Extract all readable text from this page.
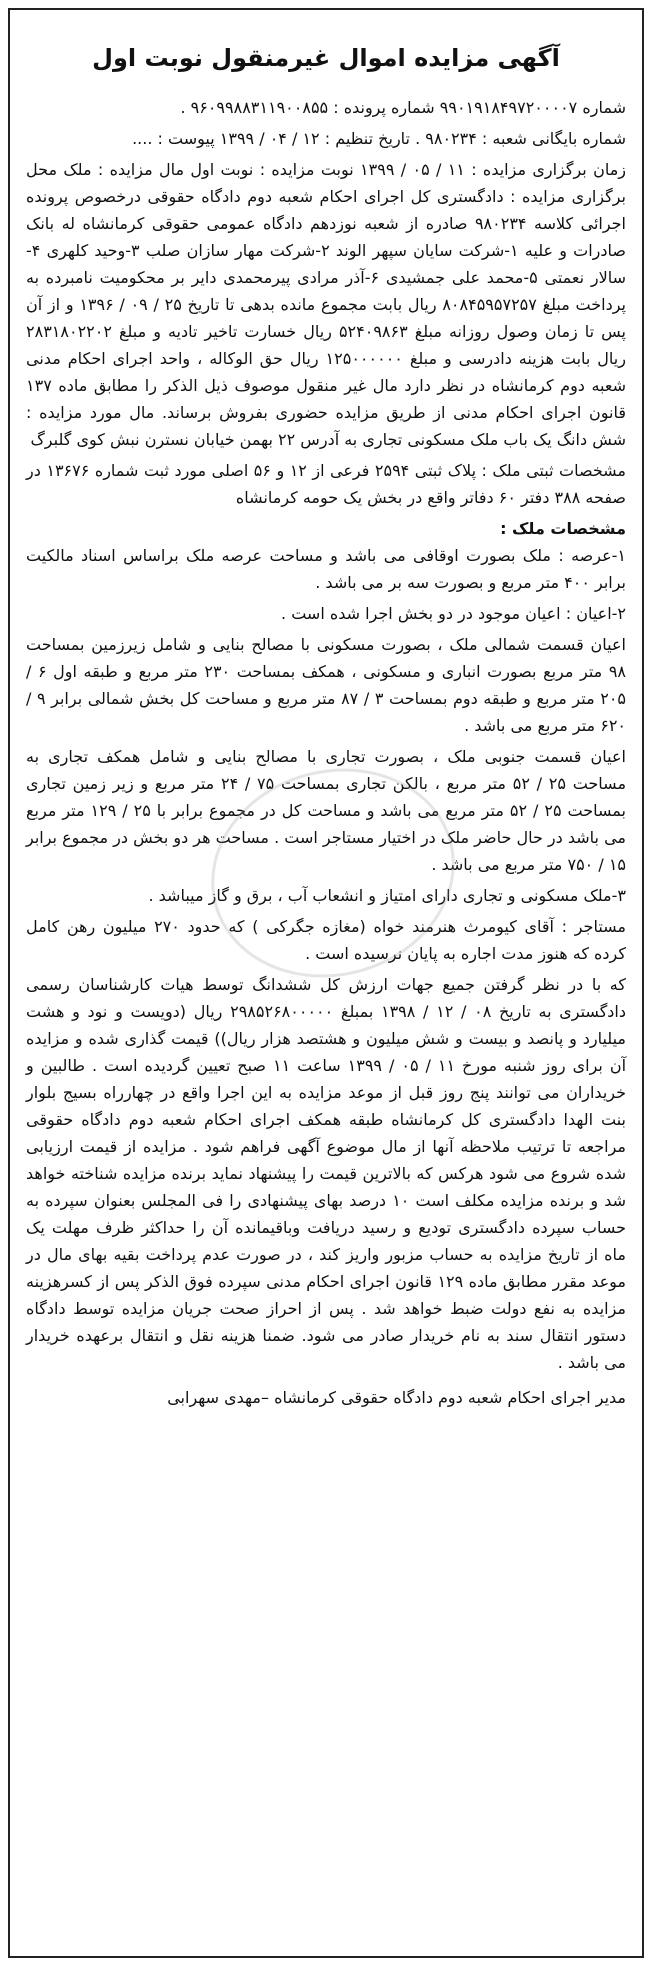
آگهی مزایده اموال غیرمنقول نوبت اول
شماره ۹۹۰۱۹۱۸۴۹۷۲۰۰۰۰۷ شماره پرونده : ۹۶۰۹۹۸۸۳۱۱۹۰۰۸۵۵ .
شماره بایگانی شعبه : ۹۸۰۲۳۴ . تاریخ تنظیم : ۱۲ / ۰۴ / ۱۳۹۹ پیوست : ....
زمان برگزاری مزایده : ۱۱ / ۰۵ / ۱۳۹۹ نوبت مزایده : نوبت اول مال مزایده : ملک محل برگزاری مزایده : دادگستری کل اجرای احکام شعبه دوم دادگاه حقوقی درخصوص پرونده اجرائی کلاسه ۹۸۰۲۳۴ صادره از شعبه نوزدهم دادگاه عمومی حقوقی کرمانشاه له بانک صادرات و علیه ۱-شرکت سایان سپهر الوند ۲-شرکت مهار سازان صلب ۳-وحید کلهری ۴-سالار نعمتی ۵-محمد علی جمشیدی ۶-آذر مرادی پیرمحمدی دایر بر محکومیت نامبرده به پرداخت مبلغ ۸۰۸۴۵۹۵۷۲۵۷ ریال بابت مجموع مانده بدهی تا تاریخ ۲۵ / ۰۹ / ۱۳۹۶ و از آن پس تا زمان وصول روزانه مبلغ ۵۲۴۰۹۸۶۳ ریال خسارت تاخیر تادیه و مبلغ ۲۸۳۱۸۰۲۲۰۲ ریال بابت هزینه دادرسی و مبلغ ۱۲۵۰۰۰۰۰۰ ریال حق الوکاله ، واحد اجرای احکام مدنی شعبه دوم کرمانشاه در نظر دارد مال غیر منقول موصوف ذیل الذکر را مطابق ماده ۱۳۷ قانون اجرای احکام مدنی از طریق مزایده حضوری بفروش برساند. مال مورد مزایده : شش دانگ یک باب ملک مسکونی تجاری به آدرس ۲۲ بهمن خیابان نسترن نبش کوی گلبرگ
مشخصات ثبتی ملک : پلاک ثبتی ۲۵۹۴ فرعی از ۱۲ و ۵۶ اصلی مورد ثبت شماره ۱۳۶۷۶ در صفحه ۳۸۸ دفتر ۶۰ دفاتر واقع در بخش یک حومه کرمانشاه
مشخصات ملک :
۱-عرصه : ملک بصورت اوقافی می باشد و مساحت عرصه ملک براساس اسناد مالکیت برابر ۴۰۰ متر مربع و بصورت سه بر می باشد .
۲-اعیان : اعیان موجود در دو بخش اجرا شده است .
اعیان قسمت شمالی ملک ، بصورت مسکونی با مصالح بنایی و شامل زیرزمین بمساحت ۹۸ متر مربع بصورت انباری و مسکونی ، همکف بمساحت ۲۳۰ متر مربع و طبقه اول ۶ / ۲۰۵ متر مربع و طبقه دوم بمساحت ۳ / ۸۷ متر مربع و مساحت کل بخش شمالی برابر ۹ / ۶۲۰ متر مربع می باشد .
اعیان قسمت جنوبی ملک ، بصورت تجاری با مصالح بنایی و شامل همکف تجاری به مساحت ۲۵ / ۵۲ متر مربع ، بالکن تجاری بمساحت ۷۵ / ۲۴ متر مربع و زیر زمین تجاری بمساحت ۲۵ / ۵۲ متر مربع می باشد و مساحت کل در مجموع برابر با ۲۵ / ۱۲۹ متر مربع می باشد در حال حاضر ملک در اختیار مستاجر است . مساحت هر دو بخش در مجموع برابر ۱۵ / ۷۵۰ متر مربع می باشد .
۳-ملک مسکونی و تجاری دارای امتیاز و انشعاب آب ، برق و گاز میباشد .
مستاجر : آقای کیومرث هنرمند خواه (مغازه جگرکی ) که حدود ۲۷۰ میلیون رهن کامل کرده که هنوز مدت اجاره به پایان نرسیده است .
که با در نظر گرفتن جمیع جهات ارزش کل ششدانگ توسط هیات کارشناسان رسمی دادگستری به تاریخ ۰۸ / ۱۲ / ۱۳۹۸ بمبلغ ۲۹۸۵۲۶۸۰۰۰۰۰ ریال (دویست و نود و هشت میلیارد و پانصد و بیست و شش میلیون و هشتصد هزار ریال)) قیمت گذاری شده و مزایده آن برای روز شنبه مورخ ۱۱ / ۰۵ / ۱۳۹۹ ساعت ۱۱ صبح تعیین گردیده است . طالبین و خریداران می توانند پنج روز قبل از موعد مزایده به این اجرا واقع در چهارراه بسیج بلوار بنت الهدا دادگستری کل کرمانشاه طبقه همکف اجرای احکام شعبه دوم دادگاه حقوقی مراجعه تا ترتیب ملاحظه آنها از مال موضوع آگهی فراهم شود . مزایده از قیمت ارزیابی شده شروع می شود هرکس که بالاترین قیمت را پیشنهاد نماید برنده مزایده شناخته خواهد شد و برنده مزایده مکلف است ۱۰ درصد بهای پیشنهادی را فی المجلس بعنوان سپرده به حساب سپرده دادگستری تودیع و رسید دریافت وباقیمانده آن را حداکثر ظرف مهلت یک ماه از تاریخ مزایده به حساب مزبور واریز کند ، در صورت عدم پرداخت بقیه بهای مال در موعد مقرر مطابق ماده ۱۲۹ قانون اجرای احکام مدنی سپرده فوق الذکر پس از کسرهزینه مزایده به نفع دولت ضبط خواهد شد . پس از احراز صحت جریان مزایده توسط دادگاه دستور انتقال سند به نام خریدار صادر می شود. ضمنا هزینه نقل و انتقال برعهده خریدار می باشد .
مدیر اجرای احکام شعبه دوم دادگاه حقوقی کرمانشاه –مهدی سهرابی
